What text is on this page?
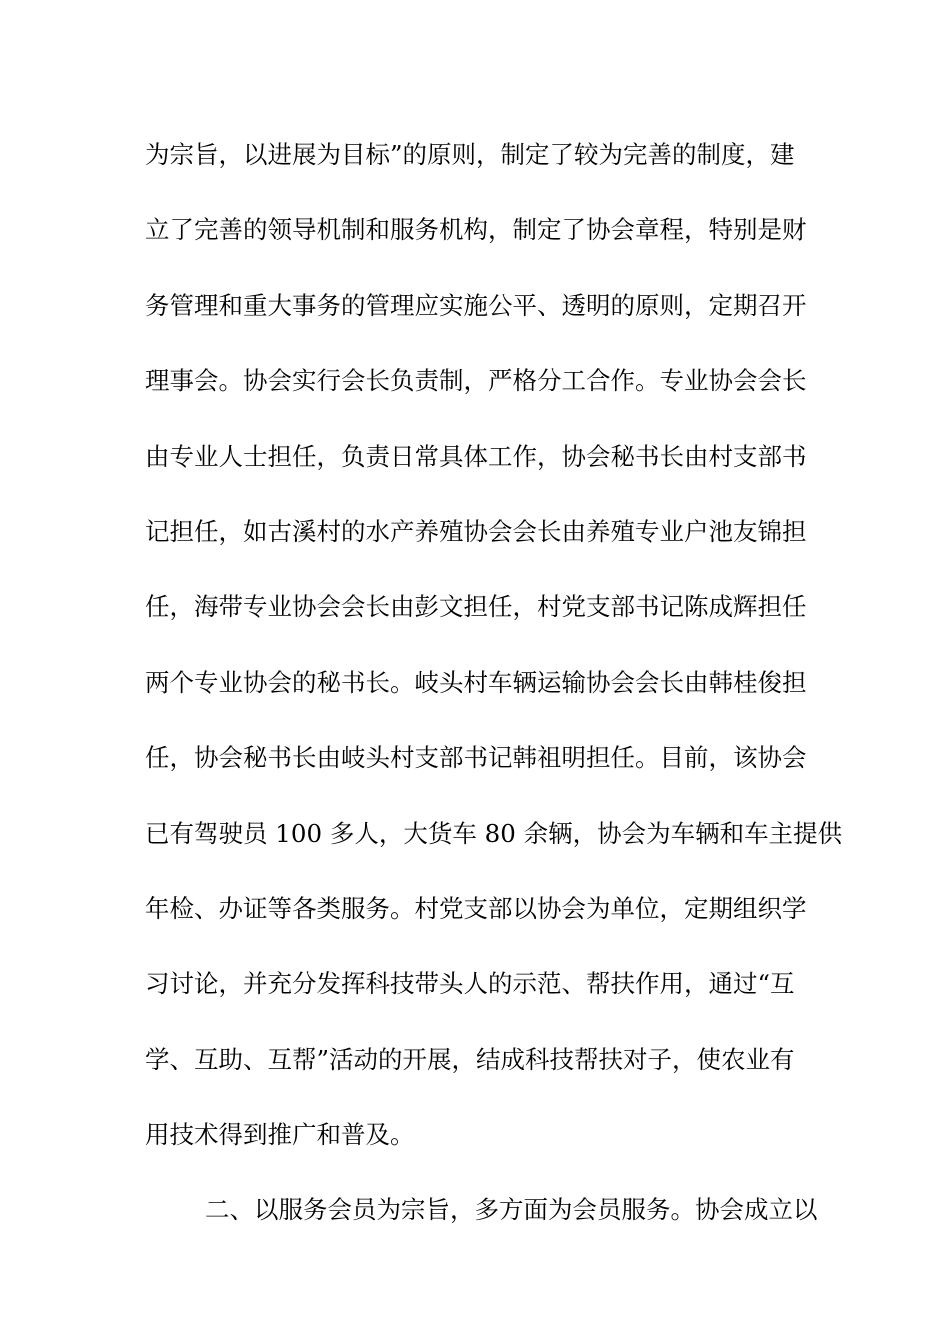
为宗旨，以进展为目标”的原则，制定了较为完善的制度，建
立了完善的领导机制和服务机构，制定了协会章程，特别是财
务管理和重大事务的管理应实施公平、透明的原则，定期召开
理事会。协会实行会长负责制，严格分工合作。专业协会会长
由专业人士担任，负责日常具体工作，协会秘书长由村支部书
记担任，如古溪村的水产养殖协会会长由养殖专业户池友锦担
任，海带专业协会会长由彭文担任，村党支部书记陈成辉担任
两个专业协会的秘书长。岐头村车辆运输协会会长由韩桂俊担
任，协会秘书长由岐头村支部书记韩祖明担任。目前，该协会
已有驾驶员 100 多人，大货车 80 余辆，协会为车辆和车主提供
年检、办证等各类服务。村党支部以协会为单位，定期组织学
习讨论，并充分发挥科技带头人的示范、帮扶作用，通过“互
学、互助、互帮”活动的开展，结成科技帮扶对子，使农业有
用技术得到推广和普及。
二、以服务会员为宗旨，多方面为会员服务。协会成立以
